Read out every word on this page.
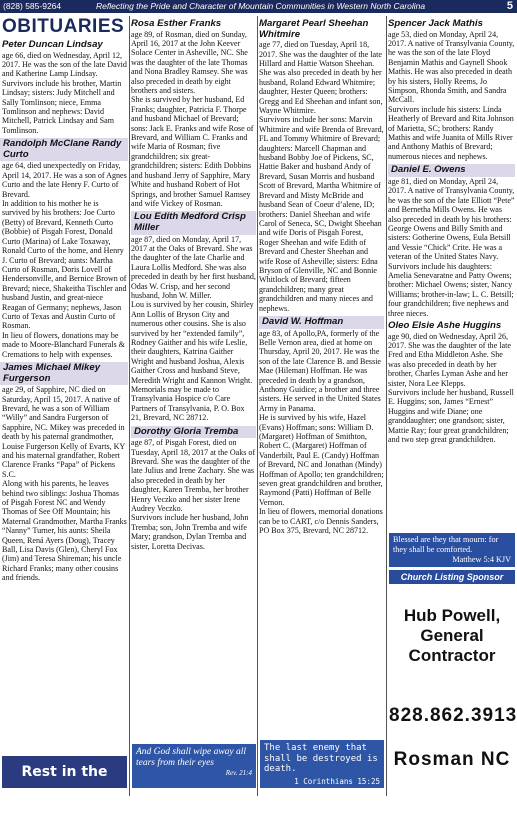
(828) 585-9264	Reflecting the Pride and Character of Mountain Communities in Western North Carolina	5
OBITUARIES
Peter Duncan Lindsay
age 66, died on Wednesday, April 12, 2017. He was the son of the late David and Katherine Lamp Lindsay.
Survivors include his brother, Martin Lindsay; sisters: Judy Mitchell and Sally Tomlinson; niece, Emma Tomlinson and nephews: David Mitchell, Patrick Lindsay and Sam Tomlinson.
Randolph McClane Randy Curto
age 64, died unexpectedly on Friday, April 14, 2017. He was a son of Agnes Curto and the late Henry F. Curto of Brevard.
In addition to his mother he is survived by his brothers: Joe Curto (Betty) of Brevard, Kenneth Curto (Bobbie) of Pisgah Forest, Donald Curto (Marina) of Lake Toxaway, Ronald Curto of the home, and Henry J. Curto of Brevard; aunts: Martha Curto of Rosman, Doris Lovell of Hendersonville, and Bernice Brown of Brevard; niece, Shakeitha Tischler and husband Justin, and great-niece Reagan of Germany; nephews, Jason Curto of Texas and Austin Curto of Rosman.
In lieu of flowers, donations may be made to Moore-Blanchard Funerals & Cremations to help with expenses.
James Michael Mikey Furgerson
age 29, of Sapphire, NC died on Saturday, April 15, 2017. A native of Brevard, he was a son of William “Willy” and Sandra Furgerson of Sapphire, NC. Mikey was preceded in death by his paternal grandmother, Louise Furgerson Kelly of Evarts, KY and his maternal grandfather, Robert Clarence Franks “Papa” of Pickens S.C.
Along with his parents, he leaves behind two siblings: Joshua Thomas of Pisgah Forest NC and Wendy Thomas of See Off Mountain; his Maternal Grandmother, Martha Franks “Nanny” Turner, his aunts: Sheila Queen, Rená Ayers (Doug), Tracey Ball, Lisa Davis (Glen), Cheryl Fox (Jim) and Teresa Shireman; his uncle Richard Franks; many other cousins and friends.
Rosa Esther Franks
age 89, of Rosman, died on Sunday, April 16, 2017 at the John Keever Solace Center in Asheville, NC. She was the daughter of the late Thomas and Nona Bradley Ramsey. She was also preceded in death by eight brothers and sisters.
She is survived by her husband, Ed Franks; daughter, Patricia F. Thorpe and husband Michael of Brevard; sons: Jack E. Franks and wife Rose of Brevard, and William C. Franks and wife Maria of Rosman; five grandchildren; six great-grandchildren; sisters: Edith Dobbins and husband Jerry of Sapphire, Mary White and husband Robert of Hot Springs, and brother Samuel Ramsey and wife Vickey of Rosman.
Lou Edith Medford Crisp Miller
age 87, died on Monday, April 17, 2017 at the Oaks of Brevard. She was the daughter of the late Charlie and Laura Lollis Medford. She was also preceded in death by her first husband, Odas W. Crisp, and her second husband, John W. Miller.
Lou is survived by her cousin, Shirley Ann Lollis of Bryson City and numerous other cousins. She is also survived by her “extended family”, Rodney Gaither and his wife Leslie, their daughters, Katrina Gaither Wright and husband Joshua, Alexis Gaither Cross and husband Steve, Meredith Wright and Kannon Wright.
Memorials may be made to Transylvania Hospice c/o Care Partners of Transylvania, P. O. Box 21, Brevard, NC 28712.
Dorothy Gloria Tremba
age 87, of Pisgah Forest, died on Tuesday, April 18, 2017 at the Oaks of Brevard. She was the daughter of the late Julius and Irene Zachary. She was also preceded in death by her daughter, Karen Tremba, her brother Henry Veczko and her sister Irene Audrey Veczko.
Survivors include her husband, John Tremba; son, John Tremba and wife Mary; grandson, Dylan Tremba and sister, Loretta Decivas.
Margaret Pearl Sheehan Whitmire
age 77, died on Tuesday, April 18, 2017. She was the daughter of the late Hillard and Hattie Watson Sheehan. She was also preceded in death by her husband, Roland Edward Whitmire; daughter, Hester Queen; brothers: Gregg and Ed Sheehan and infant son, Wayne Whitmire.
Survivors include her sons: Marvin Whitmire and wife Brenda of Brevard, FL and Tommy Whitmire of Brevard; daughters: Marcell Chapman and husband Bobby Joe of Pickens, SC, Hattie Baker and husband Andy of Brevard, Susan Morris and husband Scott of Brevard, Martha Whitmire of Brevard and Misty McBride and husband Sean of Coeur d’alene, ID; brothers: Daniel Sheehan and wife Carol of Seneca, SC, Dwight Sheehan and wife Doris of Pisgah Forest, Roger Sheehan and wife Edith of Brevard and Chester Sheehan and wife Rose of Asheville; sisters: Edna Bryson of Glenville, NC and Bonnie Whitlock of Brevard; fifteen grandchildren; many great grandchildren and many nieces and nephews.
David W. Hoffman
age 83, of Apollo,PA, formerly of the Belle Vernon area, died at home on Thursday, April 20, 2017. He was the son of the late Clarence B. and Bessie Mae (Hileman) Hoffman. He was preceded in death by a grandson, Anthony Guidice; a brother and three sisters. He served in the United States Army in Panama.
He is survived by his wife, Hazel (Evans) Hoffman; sons: William D. (Margaret) Hoffman of Smithton, Robert C. (Margaret) Hoffman of Vanderbilt, Paul E. (Candy) Hoffman of Brevard, NC and Jonathan (Mindy) Hoffman of Apollo; ten grandchildren; seven great grandchildren and brother, Raymond (Patti) Hoffman of Belle Vernon.
In lieu of flowers, memorial donations can be to CART, c/o Dennis Sanders, PO Box 375, Brevard, NC 28712.
Spencer Jack Mathis
age 53, died on Monday, April 24, 2017. A native of Transylvania County, he was the son of the late Floyd Benjamin Mathis and Gaynell Shook Mathis. He was also preceded in death by his sisters, Holly Reems, Jo Simpson, Rhonda Smith, and Sandra McCall.
Survivors include his sisters: Linda Heatherly of Brevard and Rita Johnson of Marietta, SC; brothers: Randy Mathis and wife Juanita of Mills River and Anthony Mathis of Brevard; numerous nieces and nephews.
Daniel E. Owens
age 81, died on Monday, April 24, 2017. A native of Transylvania County, he was the son of the late Elliott “Pete” and Bernetha Mills Owens. He was also preceded in death by his brothers: George Owens and Billy Smith and sisters: Gotherine Owens, Eula Betsill and Vessie “Chick” Crite. He was a veteran of the United States Navy.
Survivors include his daughters: Amelia Senevaratne and Patty Owens; brother: Michael Owens; sister, Nancy Williams; brother-in-law; L. C. Betsill; four grandchildren; five nephews and three nieces.
Oleo Elsie Ashe Huggins
age 90, died on Wednesday, April 26, 2017. She was the daughter of the late Fred and Etha Middleton Ashe. She was also preceded in death by her brother, Charles Lyman Ashe and her sister, Nora Lee Klepps.
Survivors include her husband, Russell E. Huggins; son, James “Ernest” Huggins and wife Diane; one granddaughter; one grandson; sister, Mattie Ray; four great grandchildren; and two step great grandchildren.
Rest in the Lord
And God shall wipe away all tears from their eyes
Rev. 21:4
The last enemy that shall be destroyed is death.
1 Corinthians 15:25
Blessed are they that mourn: for they shall be comforted.
Matthew 5:4 KJV
Church Listing Sponsor
Hub Powell,
General
Contractor
828.862.3913
Rosman NC
